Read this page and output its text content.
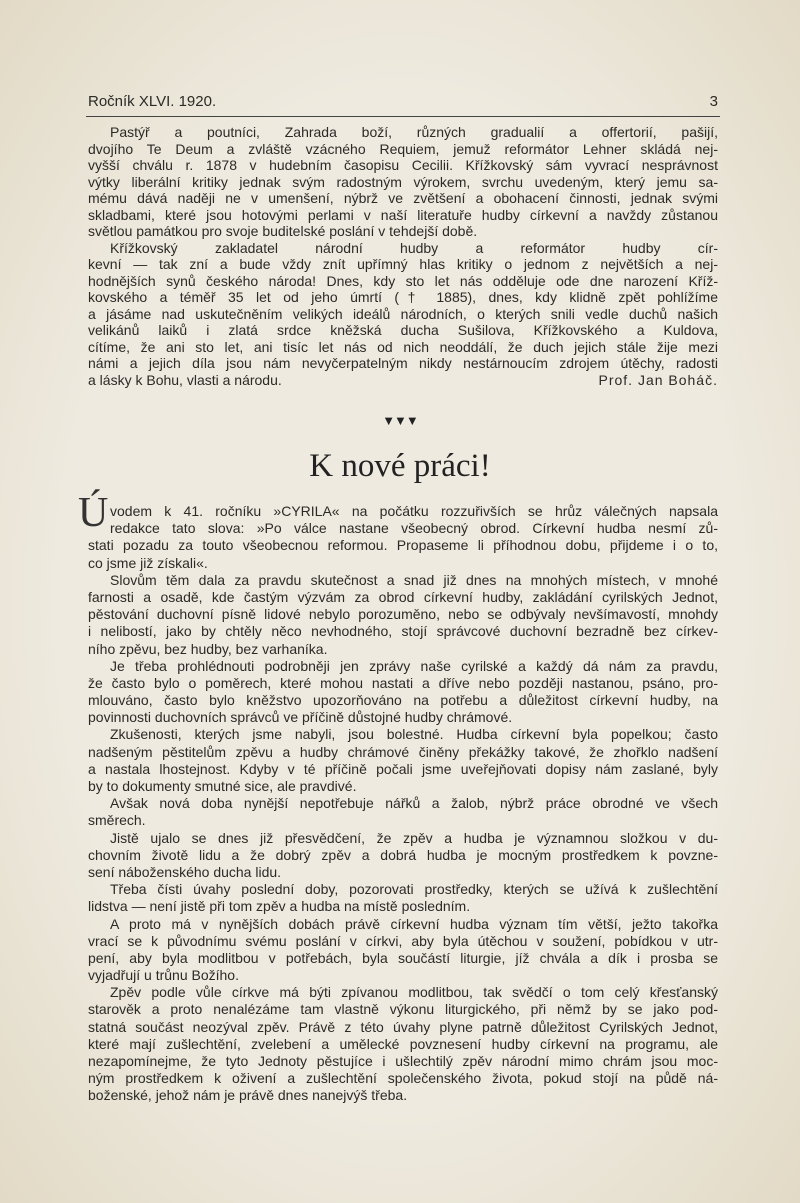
Ročník XLVI. 1920.	3
Pastýř a poutníci, Zahrada boží, různých gradualií a offertorií, pašijí,
dvojího Te Deum a zvláště vzácného Requiem, jemuž reformátor Lehner skládá nej-
vyšší chválu r. 1878 v hudebním časopisu Cecilii. Křížkovský sám vyvrací nesprávnost
výtky liberální kritiky jednak svým radostným výrokem, svrchu uvedeným, který jemu sa-
mému dává naději ne v umenšení, nýbrž ve zvětšení a obohacení činnosti, jednak svými
skladbami, které jsou hotovými perlami v naší literatuře hudby církevní a navždy zůstanou
světlou památkou pro svoje buditelské poslání v tehdejší době.
Křížkovský zakladatel národní hudby a reformátor hudby cír-
kevní — tak zní a bude vždy znít upřímný hlas kritiky o jednom z největších a nej-
hodnějších synů českého národa! Dnes, kdy sto let nás odděluje ode dne narození Kříž-
kovského a téměř 35 let od jeho úmrtí († 1885), dnes, kdy klidně zpět pohlížíme
a jásáme nad uskutečněním velikých ideálů národních, o kterých snili vedle duchů našich
velikánů laiků i zlatá srdce kněžská ducha Sušilova, Křížkovského a Kuldova,
cítíme, že ani sto let, ani tisíc let nás od nich neoddálí, že duch jejich stále žije mezi
námi a jejich díla jsou nám nevyčerpatelným nikdy nestárnoucím zdrojem útěchy, radosti
a lásky k Bohu, vlasti a národu.	Prof. Jan Boháč.
▼▼▼
K nové práci!
Ú vodem k 41. ročníku »CYRILA« na počátku rozzuřivších se hrůz válečných napsala
redakce tato slova: »Po válce nastane všeobecný obrod. Církevní hudba nesmí zů-
stati pozadu za touto všeobecnou reformou. Propaseme li příhodnou dobu, přijdeme i o to,
co jsme již získali«.
Slovům těm dala za pravdu skutečnost a snad již dnes na mnohých místech, v mnohé
farnosti a osadě, kde častým výzvám za obrod církevní hudby, zakládání cyrilských Jednot,
pěstování duchovní písně lidové nebylo porozuměno, nebo se odbývaly nevšímavostí, mnohdy
i nelibostí, jako by chtěly něco nevhodného, stojí správcové duchovní bezradně bez církev-
ního zpěvu, bez hudby, bez varhaníka.
Je třeba prohlédnouti podrobněji jen zprávy naše cyrilské a každý dá nám za pravdu,
že často bylo o poměrech, které mohou nastati a dříve nebo později nastanou, psáno, pro-
mlouváno, často bylo kněžstvo upozorňováno na potřebu a důležitost církevní hudby, na
povinnosti duchovních správců ve příčině důstojné hudby chrámové.
Zkušenosti, kterých jsme nabyli, jsou bolestné. Hudba církevní byla popelkou; často
nadšeným pěstitelům zpěvu a hudby chrámové činěny překážky takové, že zhořklo nadšení
a nastala lhostejnost. Kdyby v té příčině počali jsme uveřejňovati dopisy nám zaslané, byly
by to dokumenty smutné sice, ale pravdivé.
Avšak nová doba nynější nepotřebuje nářků a žalob, nýbrž práce obrodné ve všech
směrech.
Jistě ujalo se dnes již přesvědčení, že zpěv a hudba je významnou složkou v du-
chovním životě lidu a že dobrý zpěv a dobrá hudba je mocným prostředkem k povzne-
sení náboženského ducha lidu.
Třeba čísti úvahy poslední doby, pozorovati prostředky, kterých se užívá k zušlechtění
lidstva — není jistě při tom zpěv a hudba na místě posledním.
A proto má v nynějších dobách právě církevní hudba význam tím větší, ježto takořka
vrací se k původnímu svému poslání v církvi, aby byla útěchou v soužení, pobídkou v utr-
pení, aby byla modlitbou v potřebách, byla součástí liturgie, jíž chvála a dík i prosba se
vyjadřují u trůnu Božího.
Zpěv podle vůle církve má býti zpívanou modlitbou, tak svědčí o tom celý křesťanský
starověk a proto nenalézáme tam vlastně výkonu liturgického, při němž by se jako pod-
statná součást neozýval zpěv. Právě z této úvahy plyne patrně důležitost Cyrilských Jednot,
které mají zušlechtění, zvelebení a umělecké povznesení hudby církevní na programu, ale
nezapomínejme, že tyto Jednoty pěstujíce i ušlechtilý zpěv národní mimo chrám jsou moc-
ným prostředkem k oživení a zušlechtění společenského života, pokud stojí na půdě ná-
boženské, jehož nám je právě dnes nanejvýš třeba.
